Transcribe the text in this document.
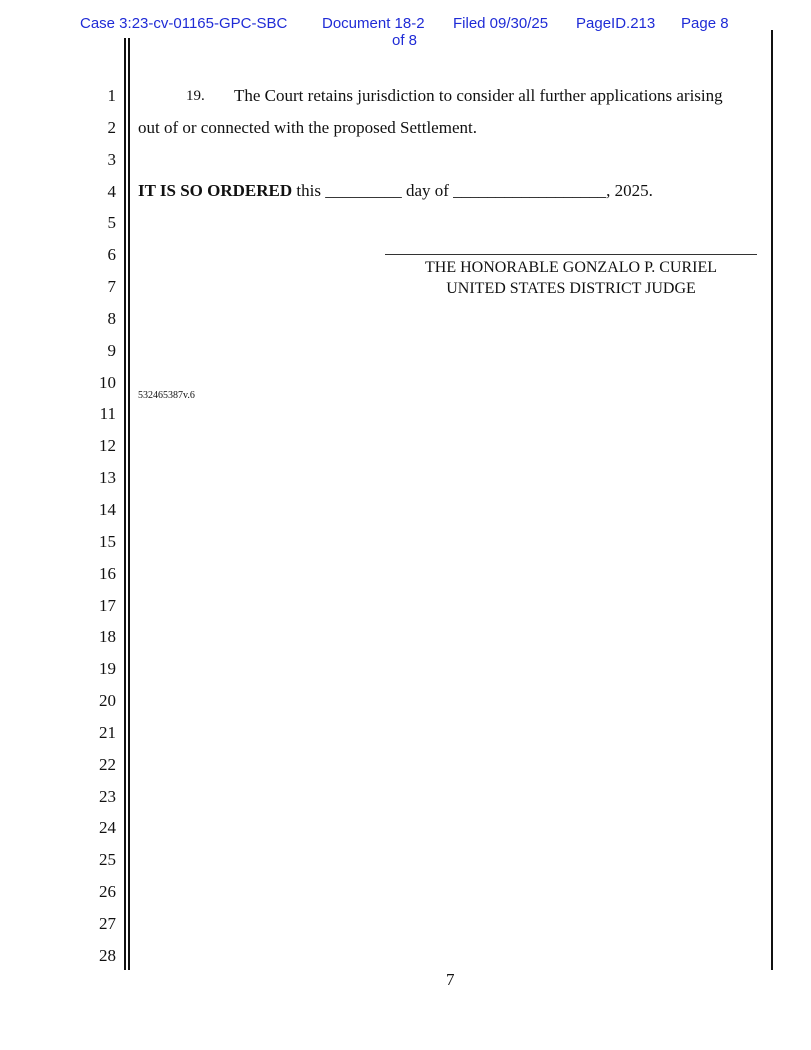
Case 3:23-cv-01165-GPC-SBC Document 18-2 Filed 09/30/25 PageID.213 Page 8
of 8
1
2
3
4
5
6
7
8
9
10
11
12
13
14
15
16
17
18
19
20
21
22
23
24
25
26
27
28
19. The Court retains jurisdiction to consider all further applications arising
out of or connected with the proposed Settlement.
IT IS SO ORDERED this _________ day of __________________, 2025.
THE HONORABLE GONZALO P. CURIEL
UNITED STATES DISTRICT JUDGE
532465387v.6
7
